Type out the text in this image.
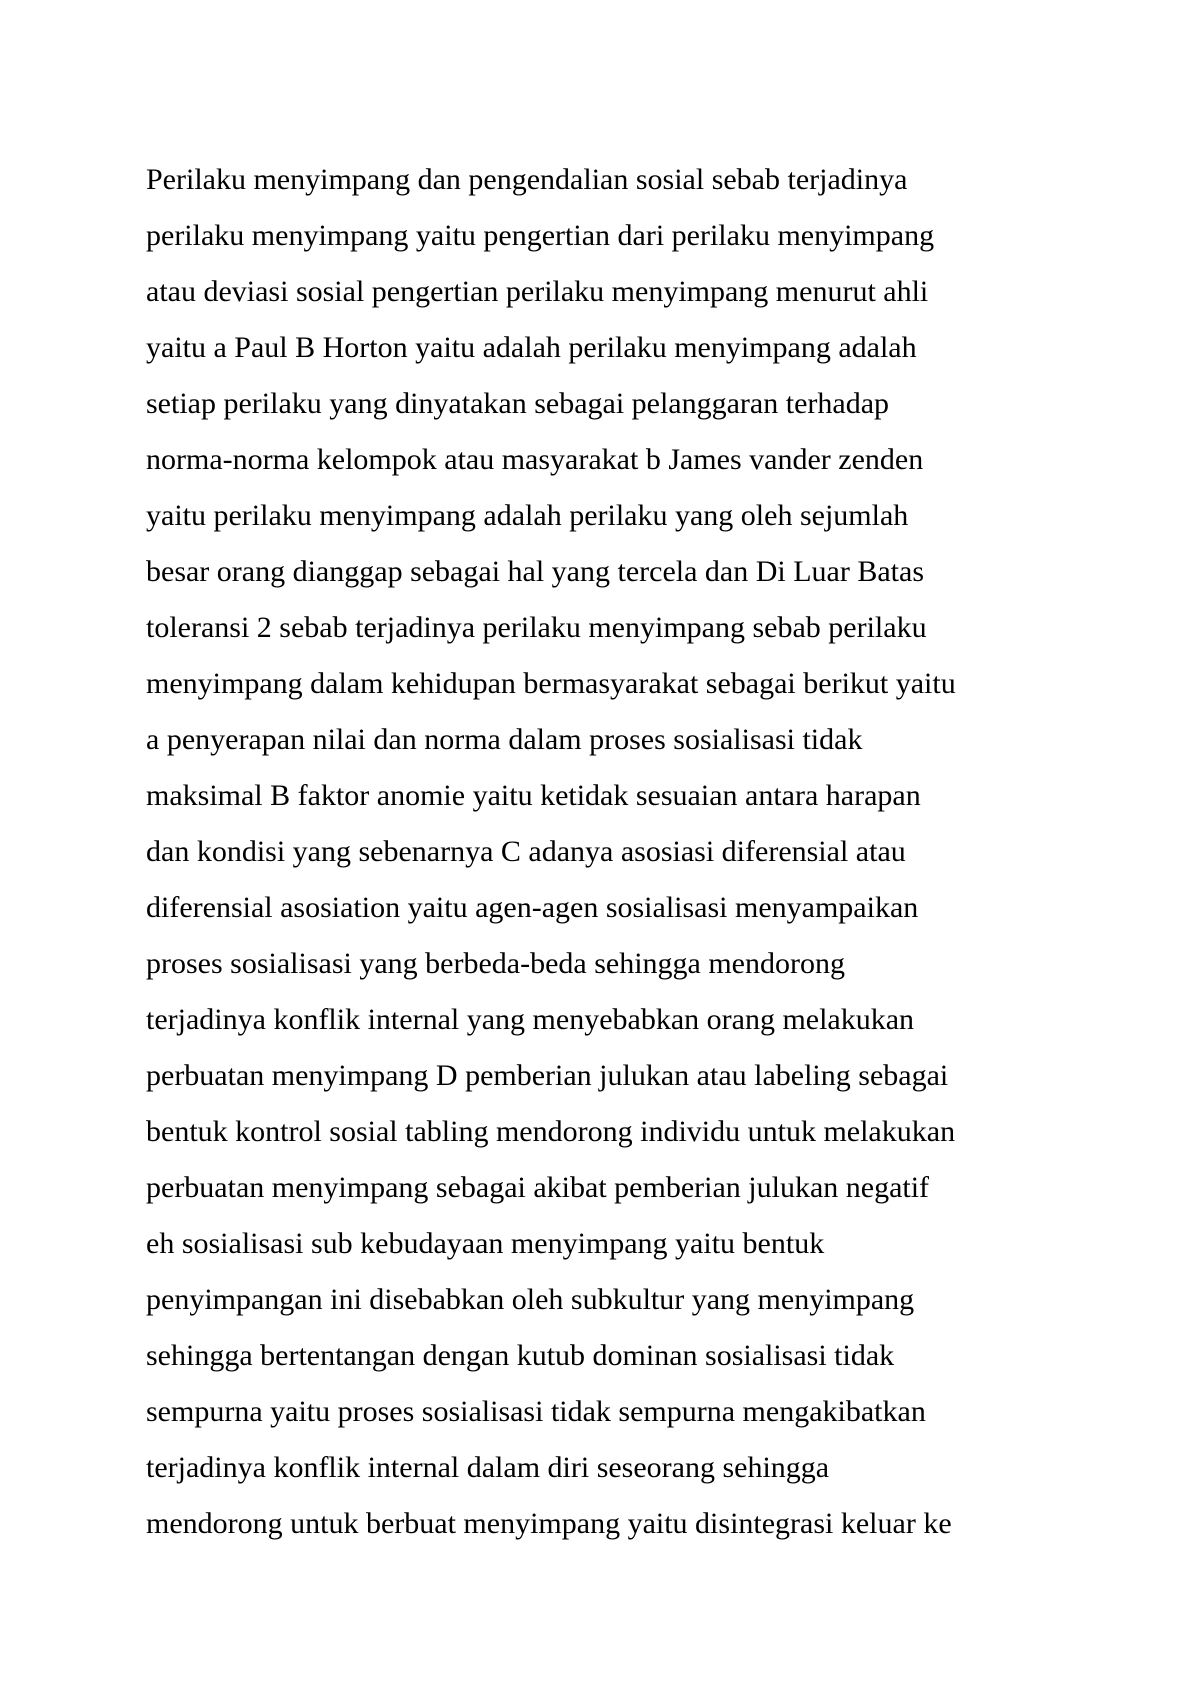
Perilaku menyimpang dan pengendalian sosial sebab terjadinya
perilaku menyimpang yaitu pengertian dari perilaku menyimpang
atau deviasi sosial pengertian perilaku menyimpang menurut ahli
yaitu a Paul B Horton yaitu adalah perilaku menyimpang adalah
setiap perilaku yang dinyatakan sebagai pelanggaran terhadap
norma-norma kelompok atau masyarakat b James vander zenden
yaitu perilaku menyimpang adalah perilaku yang oleh sejumlah
besar orang dianggap sebagai hal yang tercela dan Di Luar Batas
toleransi 2 sebab terjadinya perilaku menyimpang sebab perilaku
menyimpang dalam kehidupan bermasyarakat sebagai berikut yaitu
a penyerapan nilai dan norma dalam proses sosialisasi tidak
maksimal B faktor anomie yaitu ketidak sesuaian antara harapan
dan kondisi yang sebenarnya C adanya asosiasi diferensial atau
diferensial asosiation yaitu agen-agen sosialisasi menyampaikan
proses sosialisasi yang berbeda-beda sehingga mendorong
terjadinya konflik internal yang menyebabkan orang melakukan
perbuatan menyimpang D pemberian julukan atau labeling sebagai
bentuk kontrol sosial tabling mendorong individu untuk melakukan
perbuatan menyimpang sebagai akibat pemberian julukan negatif
eh sosialisasi sub kebudayaan menyimpang yaitu bentuk
penyimpangan ini disebabkan oleh subkultur yang menyimpang
sehingga bertentangan dengan kutub dominan sosialisasi tidak
sempurna yaitu proses sosialisasi tidak sempurna mengakibatkan
terjadinya konflik internal dalam diri seseorang sehingga
mendorong untuk berbuat menyimpang yaitu disintegrasi keluar ke
